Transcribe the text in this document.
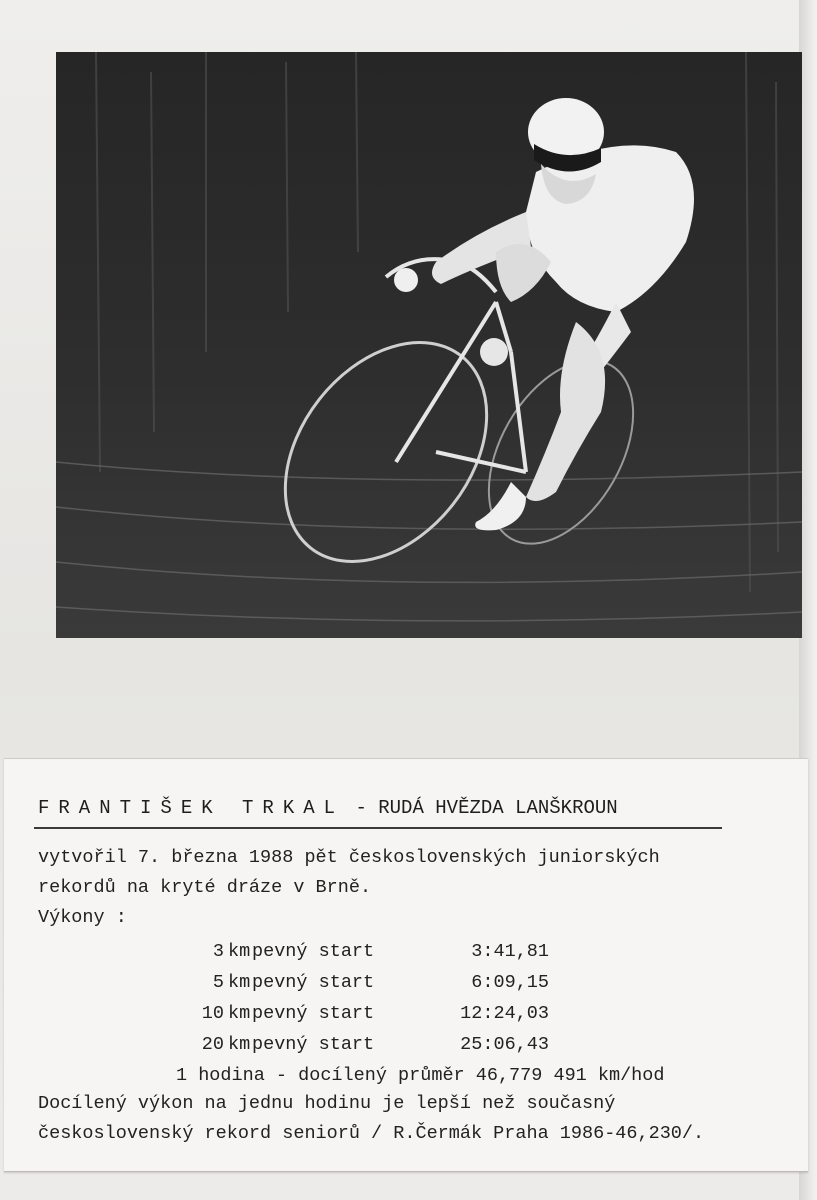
FRANTIŠEK TRKAL - RUDÁ HVĚZDA LANŠKROUN
vytvořil 7. března 1988 pět československých juniorských
rekordů na kryté dráze v Brně.
Výkony :
3 km pevný start	3:41,81
5 km pevný start	6:09,15
10 km pevný start	12:24,03
20 km pevný start	25:06,43
1 hodina - docílený průměr 46,779 491 km/hod
Docílený výkon na jednu hodinu je lepší než současný
československý rekord seniorů / R.Čermák Praha 1986-46,230/.
